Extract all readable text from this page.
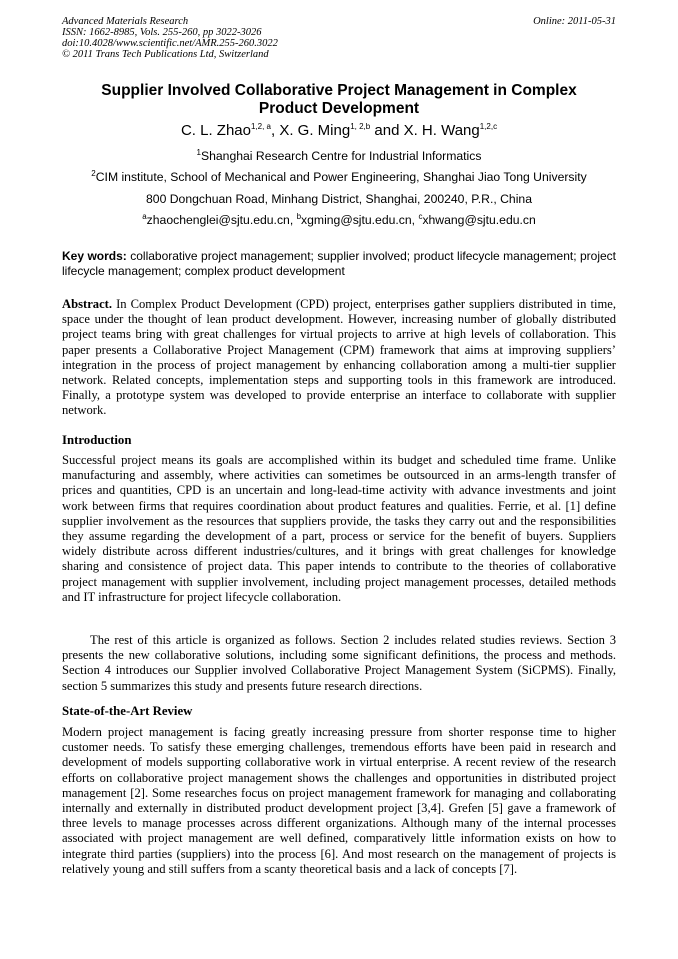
Advanced Materials Research
ISSN: 1662-8985, Vols. 255-260, pp 3022-3026
doi:10.4028/www.scientific.net/AMR.255-260.3022
© 2011 Trans Tech Publications Ltd, Switzerland
Online: 2011-05-31
Supplier Involved Collaborative Project Management in Complex
Product Development
C. L. Zhao$^{1,2, a}$, X. G. Ming$^{1, 2,b}$ and X. H. Wang$^{1,2,c}$
$^1$Shanghai Research Centre for Industrial Informatics
$^2$CIM institute, School of Mechanical and Power Engineering, Shanghai Jiao Tong University
800 Dongchuan Road, Minhang District, Shanghai, 200240, P.R., China
$^a$zhaochenglei@sjtu.edu.cn, $^b$xgming@sjtu.edu.cn, $^c$xhwang@sjtu.edu.cn
Key words: collaborative project management; supplier involved; product lifecycle management; project lifecycle management; complex product development
Abstract. In Complex Product Development (CPD) project, enterprises gather suppliers distributed in time, space under the thought of lean product development. However, increasing number of globally distributed project teams bring with great challenges for virtual projects to arrive at high levels of collaboration. This paper presents a Collaborative Project Management (CPM) framework that aims at improving suppliers’ integration in the process of project management by enhancing collaboration among a multi-tier supplier network. Related concepts, implementation steps and supporting tools in this framework are introduced. Finally, a prototype system was developed to provide enterprise an interface to collaborate with supplier network.
Introduction
Successful project means its goals are accomplished within its budget and scheduled time frame. Unlike manufacturing and assembly, where activities can sometimes be outsourced in an arms-length transfer of prices and quantities, CPD is an uncertain and long-lead-time activity with advance investments and joint work between firms that requires coordination about product features and qualities. Ferrie, et al. [1] define supplier involvement as the resources that suppliers provide, the tasks they carry out and the responsibilities they assume regarding the development of a part, process or service for the benefit of buyers. Suppliers widely distribute across different industries/cultures, and it brings with great challenges for knowledge sharing and consistence of project data. This paper intends to contribute to the theories of collaborative project management with supplier involvement, including project management processes, detailed methods and IT infrastructure for project lifecycle collaboration.
The rest of this article is organized as follows. Section 2 includes related studies reviews. Section 3 presents the new collaborative solutions, including some significant definitions, the process and methods. Section 4 introduces our Supplier involved Collaborative Project Management System (SiCPMS). Finally, section 5 summarizes this study and presents future research directions.
State-of-the-Art Review
Modern project management is facing greatly increasing pressure from shorter response time to higher customer needs. To satisfy these emerging challenges, tremendous efforts have been paid in research and development of models supporting collaborative work in virtual enterprise. A recent review of the research efforts on collaborative project management shows the challenges and opportunities in distributed project management [2]. Some researches focus on project management framework for managing and collaborating internally and externally in distributed product development project [3,4]. Grefen [5] gave a framework of three levels to manage processes across different organizations. Although many of the internal processes associated with project management are well defined, comparatively little information exists on how to integrate third parties (suppliers) into the process [6]. And most research on the management of projects is relatively young and still suffers from a scanty theoretical basis and a lack of concepts [7].
